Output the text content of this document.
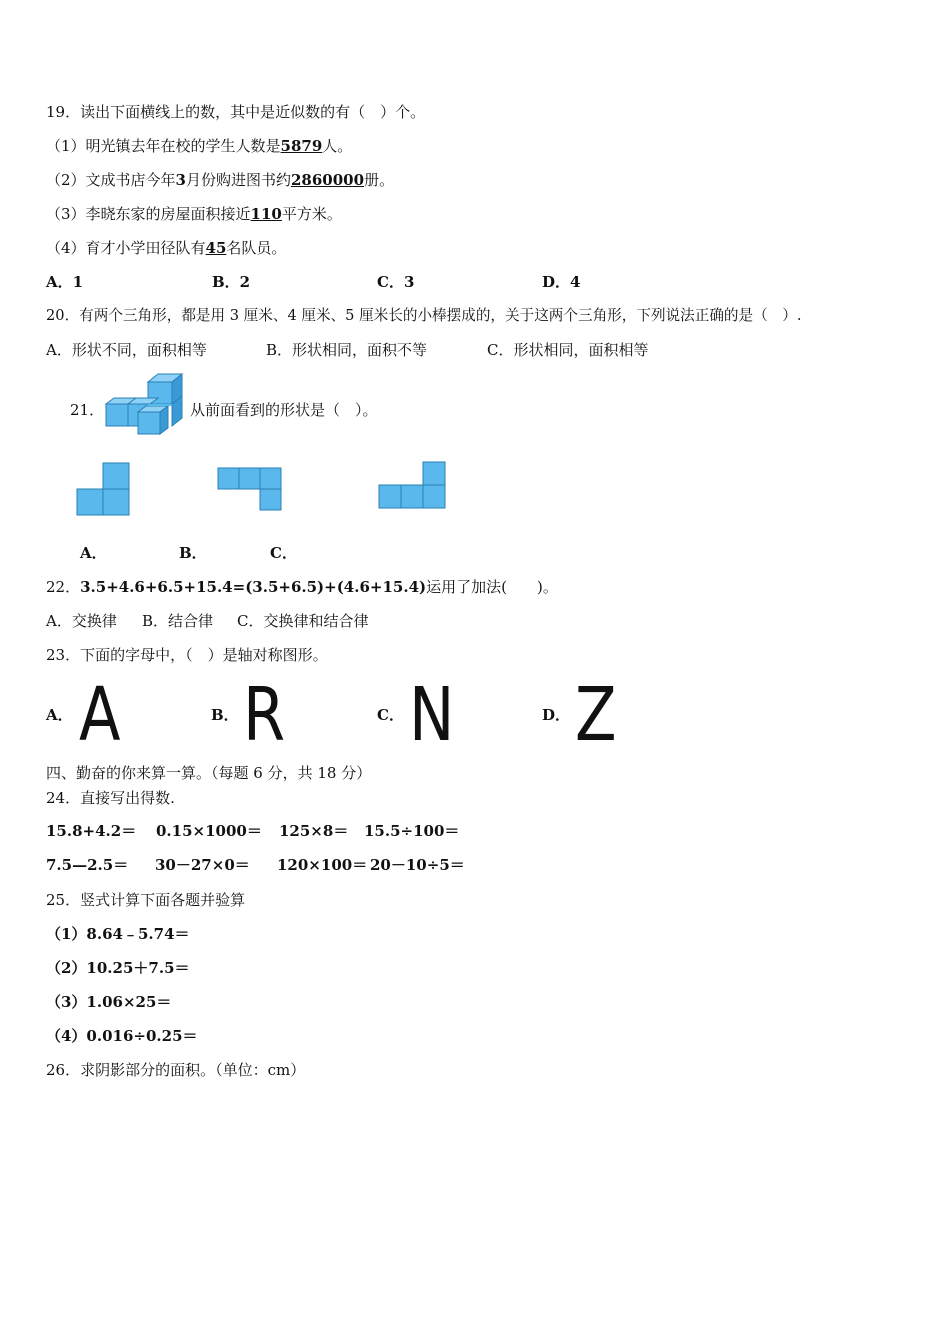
19．读出下面横线上的数，其中是近似数的有（　）个。
（1）明光镇去年在校的学生人数是5879人。
（2）文成书店今年3月份购进图书约2860000册。
（3）李晓东家的房屋面积接近110平方米。
（4）育才小学田径队有45名队员。
A．1	B．2	C．3	D．4
20．有两个三角形，都是用 3 厘米、4 厘米、5 厘米长的小棒摆成的，关于这两个三角形，下列说法正确的是（　）.
A．形状不同，面积相等	B．形状相同，面积不等	C．形状相同，面积相等
21．	从前面看到的形状是（　）。
A．	B．	C．
22．3.5+4.6+6.5+15.4=(3.5+6.5)+(4.6+15.4)运用了加法( )。
A．交换律 B．结合律 C．交换律和结合律
23．下面的字母中，（　）是轴对称图形。
A． A	B． R	C． N	D． Z
四、勤奋的你来算一算。（每题 6 分，共 18 分）
24．直接写出得数.
15.8+4.2＝ 0.15×1000＝ 125×8＝ 15.5÷100＝
7.5—2.5＝ 30－27×0＝ 120×100＝ 20－10÷5＝
25．竖式计算下面各题并验算
（1）8.64﹣5.74＝
（2）10.25＋7.5＝
（3）1.06×25＝
（4）0.016÷0.25＝
26．求阴影部分的面积。（单位：cm）
